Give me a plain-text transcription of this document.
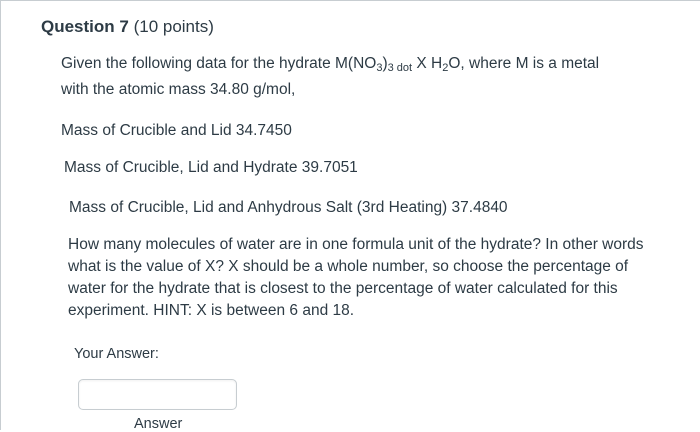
Question 7 (10 points)
Given the following data for the hydrate $M(NO_3)_{3 dot}$ X $H_2O$, where M is a metal
with the atomic mass 34.80 g/mol,
Mass of Crucible and Lid 34.7450
Mass of Crucible, Lid and Hydrate 39.7051
Mass of Crucible, Lid and Anhydrous Salt (3rd Heating) 37.4840
How many molecules of water are in one formula unit of the hydrate? In other words what is the value of X? X should be a whole number, so choose the percentage of water for the hydrate that is closest to the percentage of water calculated for this experiment. HINT: X is between 6 and 18.
Your Answer:
Answer
